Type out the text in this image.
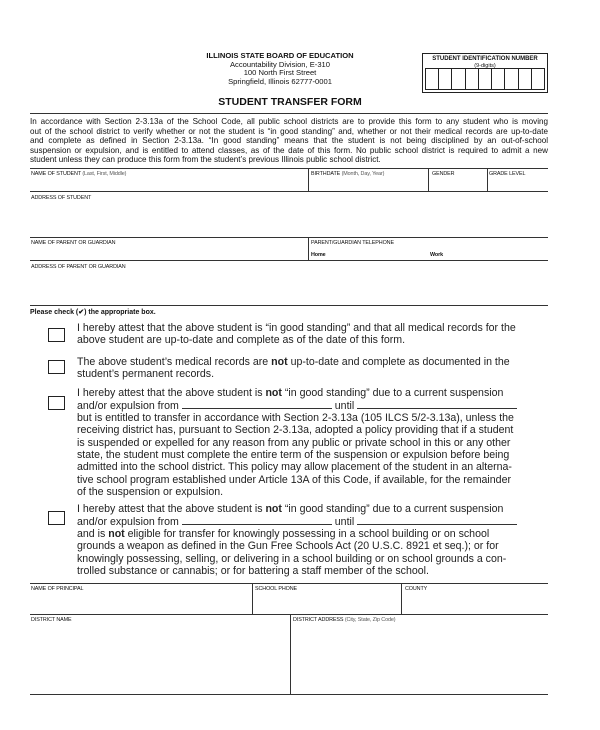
ILLINOIS STATE BOARD OF EDUCATION
Accountability Division, E-310
100 North First Street
Springfield, Illinois 62777-0001
STUDENT IDENTIFICATION NUMBER
(9-digits)
STUDENT TRANSFER FORM
In accordance with Section 2-3.13a of the School Code, all public school districts are to provide this form to any student who is moving
out of the school district to verify whether or not the student is “in good standing” and, whether or not their medical records are up-to-date
and complete as defined in Section 2-3.13a. “In good standing” means that the student is not being disciplined by an out-of-school
suspension or expulsion, and is entitled to attend classes, as of the date of this form. No public school district is required to admit a new
student unless they can produce this form from the student’s previous Illinois public school district.
NAME OF STUDENT (Last, First, Middle)	BIRTHDATE (Month, Day, Year)	GENDER	GRADE LEVEL
ADDRESS OF STUDENT
NAME OF PARENT OR GUARDIAN	PARENT/GUARDIAN TELEPHONE
Home	Work
ADDRESS OF PARENT OR GUARDIAN
Please check (✔) the appropriate box.
I hereby attest that the above student is “in good standing” and that all medical records for the
above student are up-to-date and complete as of the date of this form.
The above student’s medical records are not up-to-date and complete as documented in the
student’s permanent records.
I hereby attest that the above student is not “in good standing” due to a current suspension
and/or expulsion from	until
but is entitled to transfer in accordance with Section 2-3.13a (105 ILCS 5/2-3.13a), unless the
receiving district has, pursuant to Section 2-3.13a, adopted a policy providing that if a student
is suspended or expelled for any reason from any public or private school in this or any other
state, the student must complete the entire term of the suspension or expulsion before being
admitted into the school district. This policy may allow placement of the student in an alterna-
tive school program established under Article 13A of this Code, if available, for the remainder
of the suspension or expulsion.
I hereby attest that the above student is not “in good standing” due to a current suspension
and/or expulsion from	until
and is not eligible for transfer for knowingly possessing in a school building or on school
grounds a weapon as defined in the Gun Free Schools Act (20 U.S.C. 8921 et seq.); or for
knowingly possessing, selling, or delivering in a school building or on school grounds a con-
trolled substance or cannabis; or for battering a staff member of the school.
NAME OF PRINCIPAL	SCHOOL PHONE	COUNTY
DISTRICT NAME	DISTRICT ADDRESS (City, State, Zip Code)
